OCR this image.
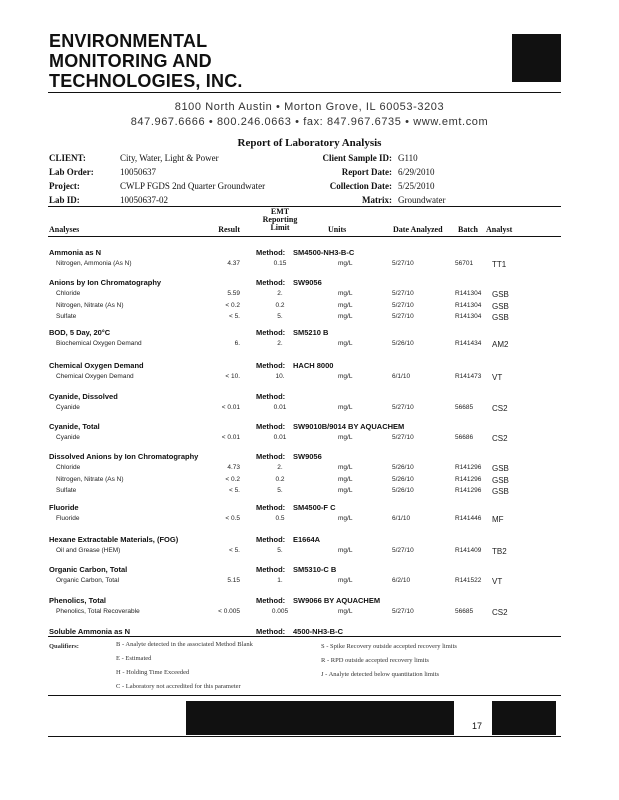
ENVIRONMENTAL
MONITORING AND
TECHNOLOGIES, INC.
8100 North Austin • Morton Grove, IL 60053-3203
847.967.6666 • 800.246.0663 • fax: 847.967.6735 • www.emt.com
Report of Laboratory Analysis
CLIENT:	City, Water, Light & Power
Lab Order:	10050637
Project:	CWLP FGDS 2nd Quarter Groundwater
Lab ID:	10050637-02
Client Sample ID: G110
Report Date: 6/29/2010
Collection Date: 5/25/2010
Matrix: Groundwater
Analyses	Result
EMT
Reporting
Limit	Units	Date Analyzed Batch Analyst
Ammonia as N	Method: SM4500-NH3-B-C
Nitrogen, Ammonia (As N)	4.37	0.15	mg/L	5/27/10	56701 TT1
Anions by Ion Chromatography	Method: SW9056
Chloride	5.59	2.	mg/L	5/27/10	R141304 GSB
Nitrogen, Nitrate (As N)	< 0.2	0.2	mg/L	5/27/10	R141304 GSB
Sulfate	< 5.	5.	mg/L	5/27/10	R141304 GSB
BOD, 5 Day, 20°C	Method: SM5210 B
Biochemical Oxygen Demand	6.	2.	mg/L	5/26/10	R141434 AM2
Chemical Oxygen Demand	Method: HACH 8000
Chemical Oxygen Demand	< 10.	10.	mg/L	6/1/10	R141473 VT
Cyanide, Dissolved	Method:
Cyanide	< 0.01	0.01	mg/L	5/27/10	56685 CS2
Cyanide, Total	Method: SW9010B/9014 BY AQUACHEM
Cyanide	< 0.01	0.01	mg/L	5/27/10	56686 CS2
Dissolved Anions by Ion Chromatography	Method: SW9056
Chloride	4.73	2.	mg/L	5/26/10	R141296 GSB
Nitrogen, Nitrate (As N)	< 0.2	0.2	mg/L	5/26/10	R141296 GSB
Sulfate	< 5.	5.	mg/L	5/26/10	R141296 GSB
Fluoride	Method: SM4500-F C
Fluoride	< 0.5	0.5	mg/L	6/1/10	R141446 MF
Hexane Extractable Materials, (FOG)	Method: E1664A
Oil and Grease (HEM)	< 5.	5.	mg/L	5/27/10	R141409 TB2
Organic Carbon, Total	Method: SM5310-C B
Organic Carbon, Total	5.15	1.	mg/L	6/2/10	R141522 VT
Phenolics, Total	Method: SW9066 BY AQUACHEM
Phenolics, Total Recoverable	< 0.005	0.005	mg/L	5/27/10	56685 CS2
Soluble Ammonia as N	Method: 4500-NH3-B-C
Qualifiers:	B - Analyte detected in the associated Method Blank
E - Estimated
H - Holding Time Exceeded
C - Laboratory not accredited for this parameter
S - Spike Recovery outside accepted recovery limits
R - RPD outside accepted recovery limits
J - Analyte detected below quantitation limits
17
